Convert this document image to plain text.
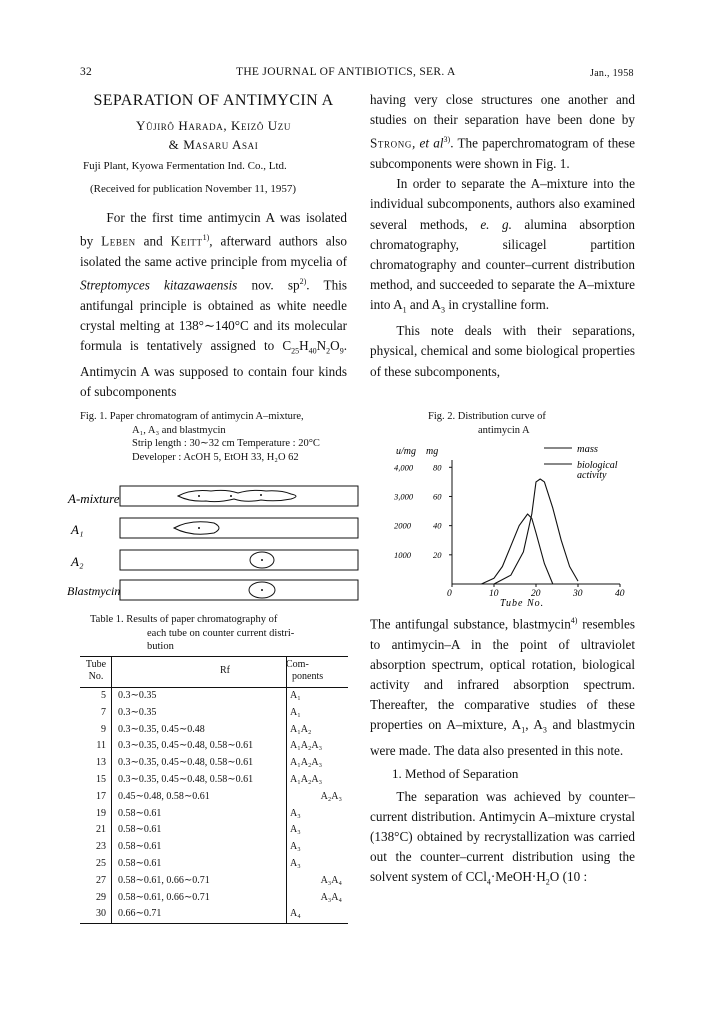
32	THE JOURNAL OF ANTIBIOTICS, SER. A	Jan., 1958
SEPARATION OF ANTIMYCIN A
Yûjirô Harada, Keizô Uzu
& Masaru Asai
Fuji Plant, Kyowa Fermentation Ind. Co., Ltd.
(Received for publication November 11, 1957)
For the first time antimycin A was isolated by Leben and Keitt$^{1)}$, afterward authors also isolated the same active principle from mycelia of Streptomyces kitazawaensis nov. $sp^{2)}$. This antifungal principle is obtained as white needle crystal melting at 138°∼140°C and its molecular formula is tentatively assigned to $C_{25}H_{40}N_2O_9$. Antimycin A was supposed to contain four kinds of subcomponents

having very close structures one another and studies on their separation have been done by Strong, et $al^{3)}$. The paperchromatogram of these subcomponents were shown in Fig. 1.

In order to separate the A–mixture into the individual subcomponents, authors also examined several methods, e. g. alumina absorption chromatography, silicagel partition chromatography and counter–current distribution method, and succeeded to separate the A–mixture into $A_1$ and $A_3$ in crystalline form.

This note deals with their separations, physical, chemical and some biological properties of these subcomponents,

Fig. 1. Paper chromatogram of antimycin A–mixture,
A₁, A₃ and blastmycin
Strip length : 30∼32 cm Temperature : 20°C
Developer : AcOH 5, EtOH 33, H₂O 62
A-mixture
A₁
A₂
Blastmycin
Fig. 2. Distribution curve of
antimycin A
u/mg mg	mass
biological
activity
4,000 80
3,000 60
2000	40
1000	20
0	10	20	30	40
Tube No.
Table 1. Results of paper chromatography of
each tube on counter current distri-
bution
Tube
No.
Rf
Com-
ponents
5 0.3∼0.35	A₁
7 0.3∼0.35	A₁
9 0.3∼0.35, 0.45∼0.48	A₁A₂
11 0.3∼0.35, 0.45∼0.48, 0.58∼0.61	A₁A₂A₃
13 0.3∼0.35, 0.45∼0.48, 0.58∼0.61	A₁A₂A₃
15 0.3∼0.35, 0.45∼0.48, 0.58∼0.61	A₁A₂A₃
17 0.45∼0.48, 0.58∼0.61	A₂A₃
19 0.58∼0.61	A₃
21 0.58∼0.61	A₃
23 0.58∼0.61	A₃
25 0.58∼0.61	A₃
27 0.58∼0.61, 0.66∼0.71	A₃A₄
29 0.58∼0.61, 0.66∼0.71	A₃A₄
30 0.66∼0.71	A₄

The antifungal substance, blastmycin$^{4)}$ resembles to antimycin–A in the point of ultraviolet absorption spectrum, optical rotation, biological activity and infrared absorption spectrum. Thereafter, the comparative studies of these properties on A–mixture, $A_1$, $A_3$ and blastmycin were made. The data also presented in this note.

1. Method of Separation

The separation was achieved by counter–current distribution. Antimycin A–mixture crystal (138°C) obtained by recrystallization was carried out the counter–current distribution using the solvent system of $CCl_4\cdot MeOH\cdot H_2O$ (10 :
